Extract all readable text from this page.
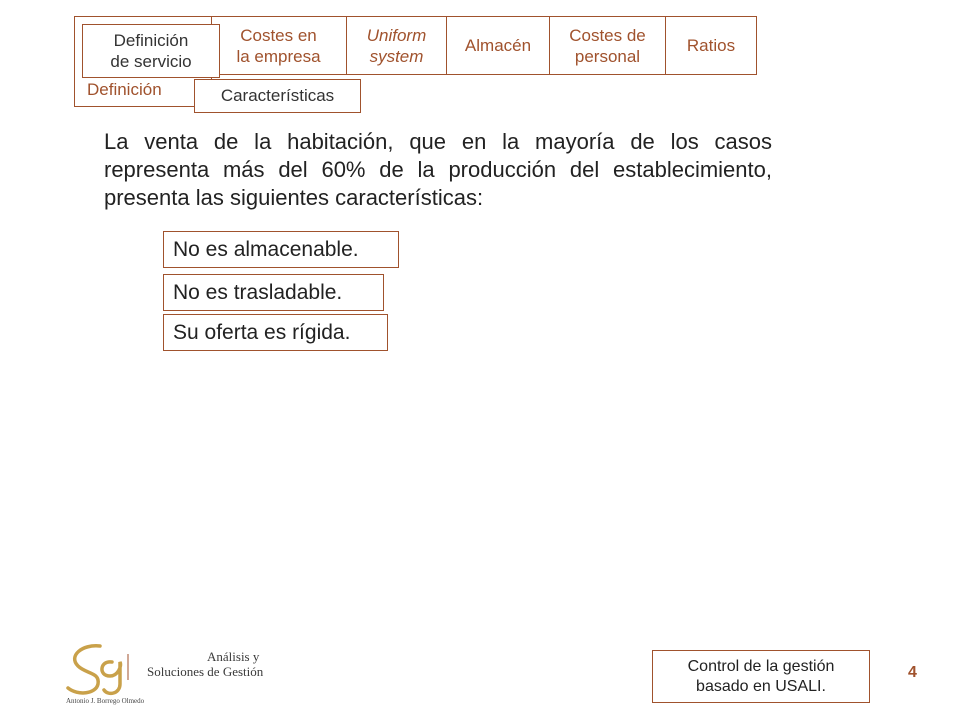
Costes en
la empresa
Uniform
system
Almacén
Costes de
personal
Ratios
Definición
Definición
de servicio
Características

La venta de la habitación, que en la mayoría de los casos representa más del 60% de la producción del establecimiento, presenta las siguientes características:

No es almacenable.
No es trasladable.
Su oferta es rígida.
Análisis y
Soluciones de Gestión
Antonio J. Borrego Olmedo
Control de la gestión
basado en USALI.
4
